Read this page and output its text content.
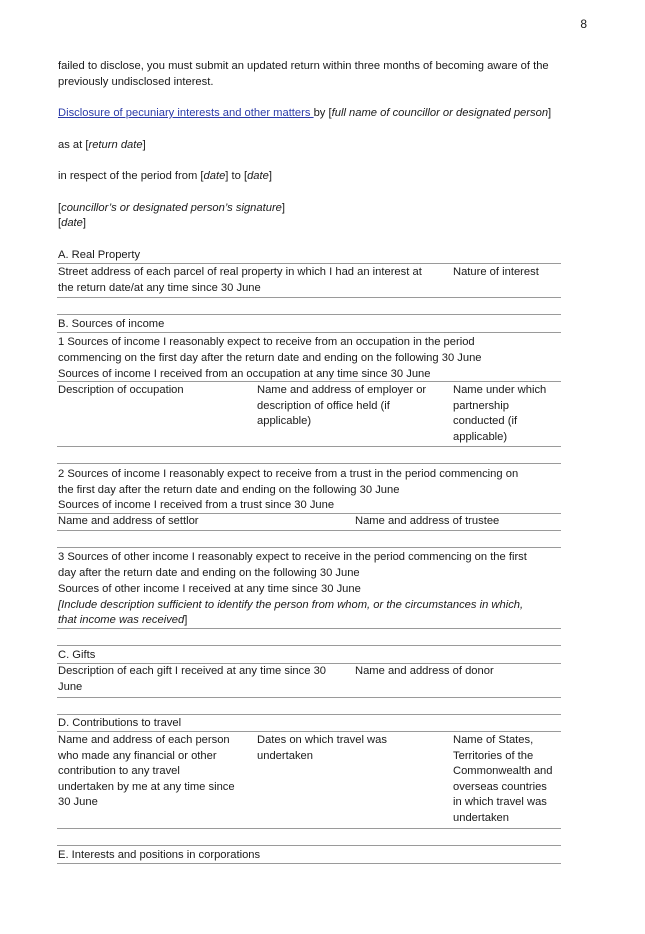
8
failed to disclose, you must submit an updated return within three months of becoming aware of the
previously undisclosed interest.
Disclosure of pecuniary interests and other matters by [full name of councillor or designated person]
as at [return date]
in respect of the period from [date] to [date]
[councillor’s or designated person’s signature]
[date]
A. Real Property
Street address of each parcel of real property in which I had an interest at
the return date/at any time since 30 June
Nature of interest
B. Sources of income
1 Sources of income I reasonably expect to receive from an occupation in the period
commencing on the first day after the return date and ending on the following 30 June
Sources of income I received from an occupation at any time since 30 June
Description of occupation	Name and address of employer or
description of office held (if
applicable)
Name under which
partnership
conducted (if
applicable)
2 Sources of income I reasonably expect to receive from a trust in the period commencing on
the first day after the return date and ending on the following 30 June
Sources of income I received from a trust since 30 June
Name and address of settlor	Name and address of trustee
3 Sources of other income I reasonably expect to receive in the period commencing on the first
day after the return date and ending on the following 30 June
Sources of other income I received at any time since 30 June
[Include description sufficient to identify the person from whom, or the circumstances in which,
that income was received]
C. Gifts
Description of each gift I received at any time since 30
June
Name and address of donor
D. Contributions to travel
Name and address of each person
who made any financial or other
contribution to any travel
undertaken by me at any time since
30 June
Dates on which travel was
undertaken
Name of States,
Territories of the
Commonwealth and
overseas countries
in which travel was
undertaken
E. Interests and positions in corporations
